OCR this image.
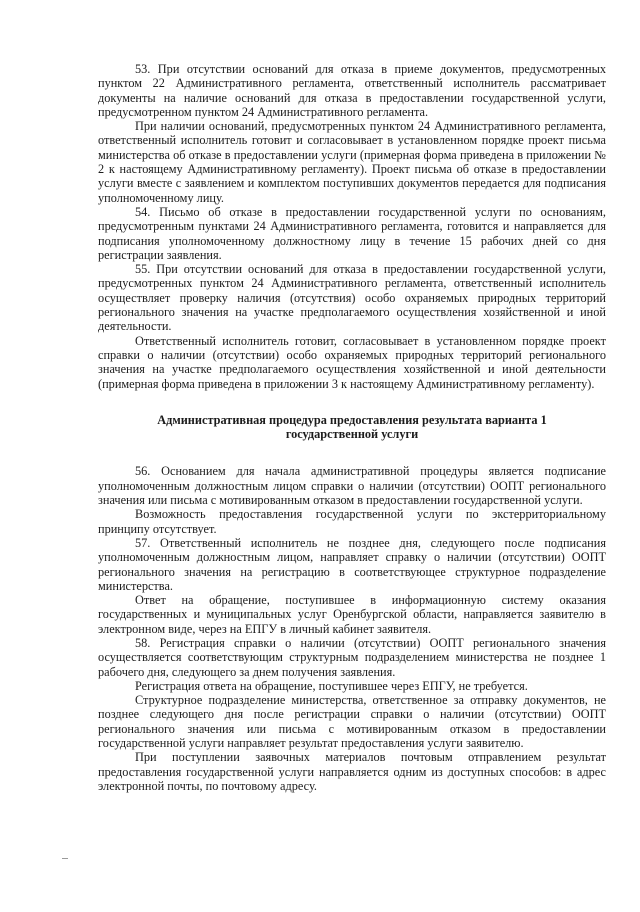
53. При отсутствии оснований для отказа в приеме документов, предусмотренных пунктом 22 Административного регламента, ответственный исполнитель рассматривает документы на наличие оснований для отказа в предоставлении государственной услуги, предусмотренном пунктом 24 Административного регламента.

При наличии оснований, предусмотренных пунктом 24 Административного регламента, ответственный исполнитель готовит и согласовывает в установленном порядке проект письма министерства об отказе в предоставлении услуги (примерная форма приведена в приложении № 2 к настоящему Административному регламенту). Проект письма об отказе в предоставлении услуги вместе с заявлением и комплектом поступивших документов передается для подписания уполномоченному лицу.

54. Письмо об отказе в предоставлении государственной услуги по основаниям, предусмотренным пунктами 24 Административного регламента, готовится и направляется для подписания уполномоченному должностному лицу в течение 15 рабочих дней со дня регистрации заявления.

55. При отсутствии оснований для отказа в предоставлении государственной услуги, предусмотренных пунктом 24 Административного регламента, ответственный исполнитель осуществляет проверку наличия (отсутствия) особо охраняемых природных территорий регионального значения на участке предполагаемого осуществления хозяйственной и иной деятельности.

Ответственный исполнитель готовит, согласовывает в установленном порядке проект справки о наличии (отсутствии) особо охраняемых природных территорий регионального значения на участке предполагаемого осуществления хозяйственной и иной деятельности (примерная форма приведена в приложении 3 к настоящему Административному регламенту).

Административная процедура предоставления результата варианта 1
государственной услуги

56. Основанием для начала административной процедуры является подписание уполномоченным должностным лицом справки о наличии (отсутствии) ООПТ регионального значения или письма с мотивированным отказом в предоставлении государственной услуги.

Возможность предоставления государственной услуги по экстерриториальному принципу отсутствует.

57. Ответственный исполнитель не позднее дня, следующего после подписания уполномоченным должностным лицом, направляет справку о наличии (отсутствии) ООПТ регионального значения на регистрацию в соответствующее структурное подразделение министерства.

Ответ на обращение, поступившее в информационную систему оказания государственных и муниципальных услуг Оренбургской области, направляется заявителю в электронном виде, через на ЕПГУ в личный кабинет заявителя.

58. Регистрация справки о наличии (отсутствии) ООПТ регионального значения осуществляется соответствующим структурным подразделением министерства не позднее 1 рабочего дня, следующего за днем получения заявления.

Регистрация ответа на обращение, поступившее через ЕПГУ, не требуется.

Структурное подразделение министерства, ответственное за отправку документов, не позднее следующего дня после регистрации справки о наличии (отсутствии) ООПТ регионального значения или письма с мотивированным отказом в предоставлении государственной услуги направляет результат предоставления услуги заявителю.

При поступлении заявочных материалов почтовым отправлением результат предоставления государственной услуги направляется одним из доступных способов: в адрес электронной почты, по почтовому адресу.
